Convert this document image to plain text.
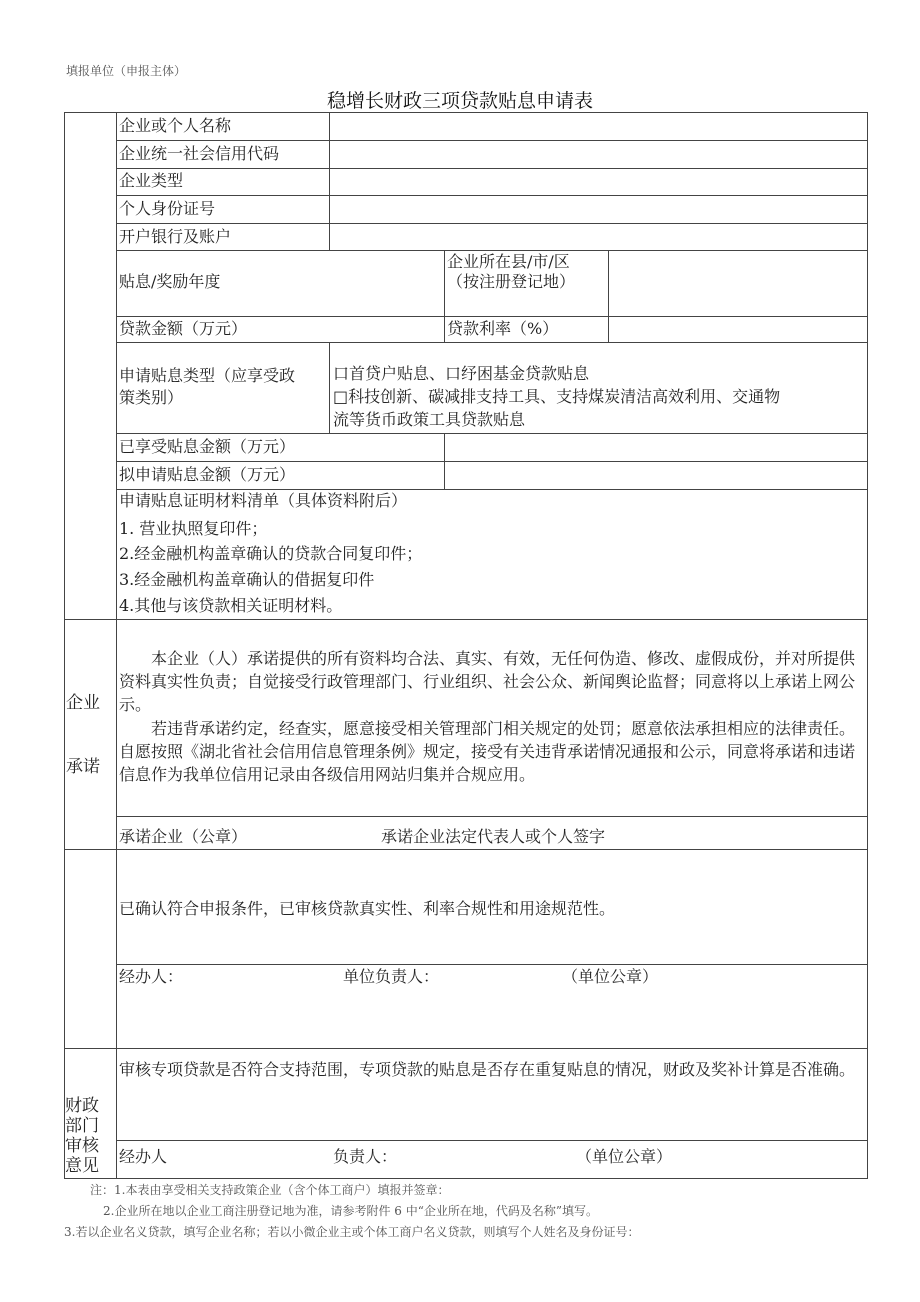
填报单位（申报主体）
稳增长财政三项贷款贴息申请表
企业或个人名称
企业统一社会信用代码
企业类型
个人身份证号
开户银行及账户
贴息/奖励年度
企业所在县/市/区
（按注册登记地）
贷款金额（万元）	贷款利率（%）
申请贴息类型（应享受政
策类别）
口首贷户贴息、口纾困基金贷款贴息
□科技创新、碳减排支持工具、支持煤炭清洁高效利用、交通物
流等货币政策工具贷款贴息
已享受贴息金额（万元）
拟申请贴息金额（万元）
申请贴息证明材料清单（具体资料附后）
1. 营业执照复印件；
2.经金融机构盖章确认的贷款合同复印件；
3.经金融机构盖章确认的借据复印件
4.其他与该贷款相关证明材料。
企业
承诺
本企业（人）承诺提供的所有资料均合法、真实、有效，无任何伪造、修改、虚假成份，并对所提供资料真实性负责；自觉接受行政管理部门、行业组织、社会公众、新闻舆论监督；同意将以上承诺上网公示。
若违背承诺约定，经查实，愿意接受相关管理部门相关规定的处罚；愿意依法承担相应的法律责任。自愿按照《湖北省社会信用信息管理条例》规定，接受有关违背承诺情况通报和公示，同意将承诺和违诺信息作为我单位信用记录由各级信用网站归集并合规应用。
承诺企业（公章）	承诺企业法定代表人或个人签字
已确认符合申报条件，已审核贷款真实性、利率合规性和用途规范性。
经办人：	单位负责人：	（单位公章）
财政
部门
审核
意见
审核专项贷款是否符合支持范围，专项贷款的贴息是否存在重复贴息的情况，财政及奖补计算是否准确。
经办人	负责人：	（单位公章）
注：1.本表由享受相关支持政策企业（含个体工商户）填报并签章：
2.企业所在地以企业工商注册登记地为准，请参考附件 6 中“企业所在地，代码及名称”填写。
3.若以企业名义贷款，填写企业名称；若以小微企业主或个体工商户名义贷款，则填写个人姓名及身份证号：
